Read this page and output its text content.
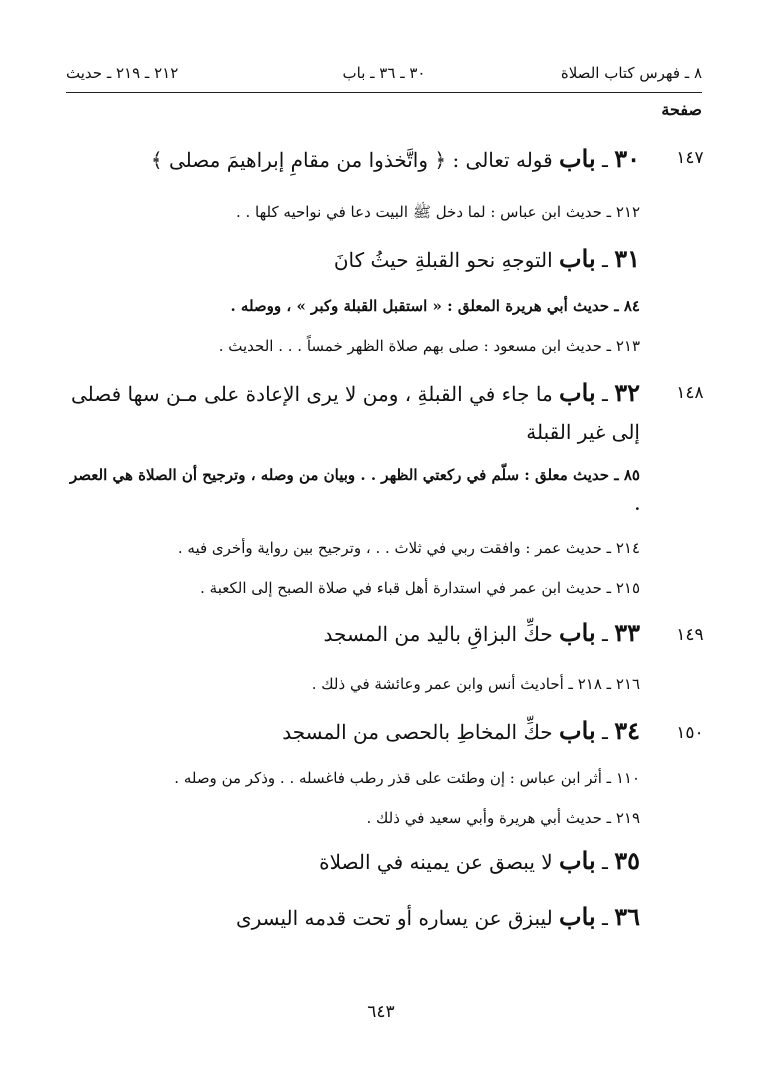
٨ ـ فهرس كتاب الصلاة
٣٠ ـ ٣٦ ـ باب
٢١٢ ـ ٢١٩ ـ حديث
صفحة
١٤٧
٣٠ ـ باب قوله تعالى : ﴿ واتَّخذوا من مقامِ إبراهيمَ مصلى ﴾
٢١٢ ـ حديث ابن عباس : لما دخل ﷺ البيت دعا في نواحيه كلها . .
٣١ ـ باب التوجهِ نحو القبلةِ حيثُ كانَ
٨٤ ـ حديث أبي هريرة المعلق : « استقبل القبلة وكبر » ، ووصله .
٢١٣ ـ حديث ابن مسعود : صلى بهم صلاة الظهر خمساً . . . الحديث .
١٤٨
٣٢ ـ باب ما جاء في القبلةِ ، ومن لا يرى الإعادة على مـن سها فصلى إلى غير القبلة
٨٥ ـ حديث معلق : سلّم في ركعتي الظهر . . وبيان من وصله ، وترجيح أن الصلاة هي العصر .
٢١٤ ـ حديث عمر : وافقت ربي في ثلاث . . ، وترجيح بين رواية وأخرى فيه .
٢١٥ ـ حديث ابن عمر في استدارة أهل قباء في صلاة الصبح إلى الكعبة .
١٤٩
٣٣ ـ باب حكِّ البزاقِ باليد من المسجد
٢١٦ ـ ٢١٨ ـ أحاديث أنس وابن عمر وعائشة في ذلك .
١٥٠
٣٤ ـ باب حكِّ المخاطِ بالحصى من المسجد
١١٠ ـ أثر ابن عباس : إن وطئت على قذر رطب فاغسله . . وذكر من وصله .
٢١٩ ـ حديث أبي هريرة وأبي سعيد في ذلك .
٣٥ ـ باب لا يبصق عن يمينه في الصلاة
٣٦ ـ باب ليبزق عن يساره أو تحت قدمه اليسرى
٦٤٣
